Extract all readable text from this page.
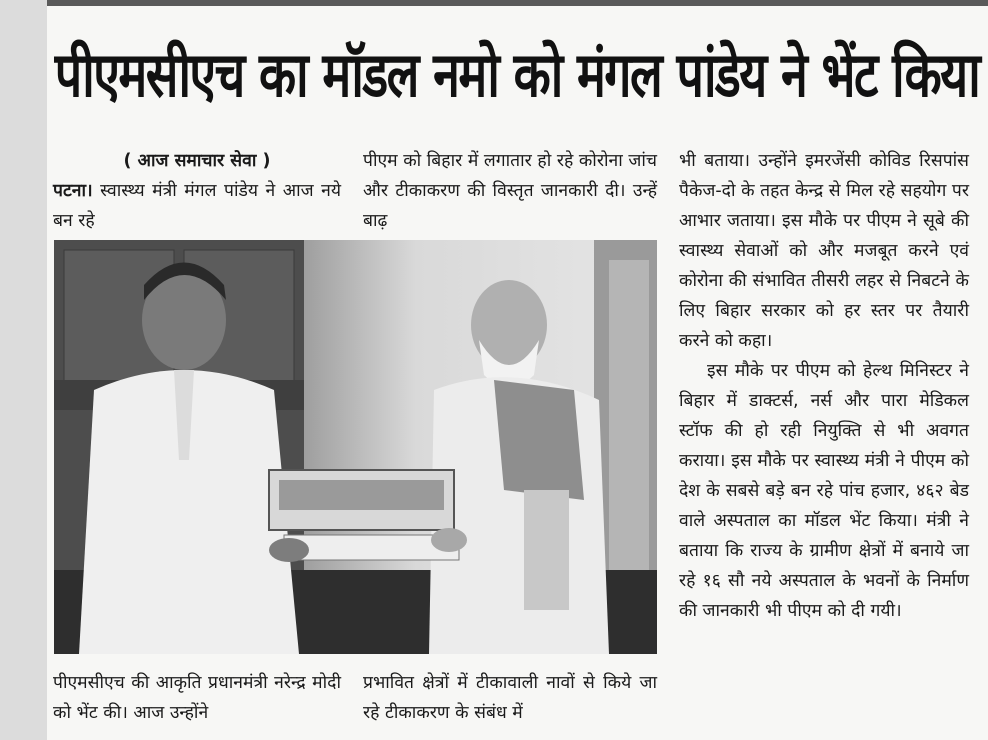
पीएमसीएच का मॉडल नमो को मंगल पांडेय ने भेंट किया
( आज समाचार सेवा )

पटना। स्वास्थ्य मंत्री मंगल पांडेय ने आज नये बन रहे

पीएम को बिहार में लगातार हो रहे कोरोना जांच और टीकाकरण की विस्तृत जानकारी दी। उन्हें बाढ़

भी बताया। उन्होंने इमरजेंसी कोविड रिसपांस पैकेज-दो के तहत केन्द्र से मिल रहे सहयोग पर आभार जताया। इस मौके पर पीएम ने सूबे की स्वास्थ्य सेवाओं को और मजबूत करने एवं कोरोना की संभावित तीसरी लहर से निबटने के लिए बिहार सरकार को हर स्तर पर तैयारी करने को कहा।

इस मौके पर पीएम को हेल्थ मिनिस्टर ने बिहार में डाक्टर्स, नर्स और पारा मेडिकल स्टॉफ की हो रही नियुक्ति से भी अवगत कराया। इस मौके पर स्वास्थ्य मंत्री ने पीएम को देश के सबसे बड़े बन रहे पांच हजार, ४६२ बेड वाले अस्पताल का मॉडल भेंट किया। मंत्री ने बताया कि राज्य के ग्रामीण क्षेत्रों में बनाये जा रहे १६ सौ नये अस्पताल के भवनों के निर्माण की जानकारी भी पीएम को दी गयी।

पीएमसीएच की आकृति प्रधानमंत्री नरेन्द्र मोदी को भेंट की। आज उन्होंने

प्रभावित क्षेत्रों में टीकावाली नावों से किये जा रहे टीकाकरण के संबंध में
